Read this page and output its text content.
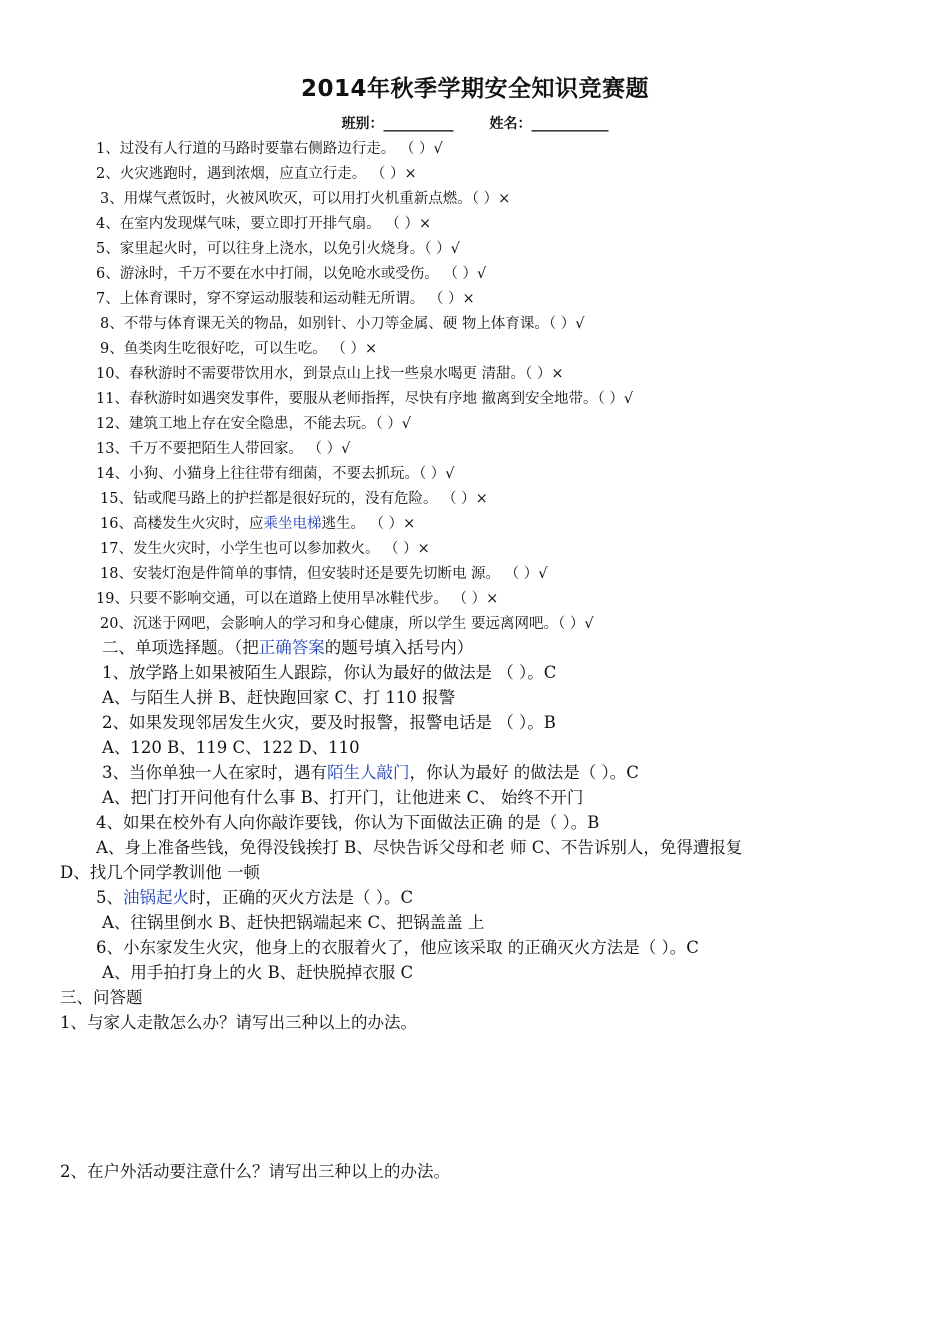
2014年秋季学期安全知识竞赛题
班别：__________	姓名：___________
1、过没有人行道的马路时要靠右侧路边行走。 （ ）√
2、火灾逃跑时，遇到浓烟，应直立行走。 （ ）×
3、用煤气煮饭时，火被风吹灭，可以用打火机重新点燃。（ ）×
4、在室内发现煤气味，要立即打开排气扇。 （ ）×
5、家里起火时，可以往身上浇水，以免引火烧身。（ ）√
6、游泳时，千万不要在水中打闹，以免呛水或受伤。 （ ）√
7、上体育课时，穿不穿运动服装和运动鞋无所谓。 （ ）×
8、不带与体育课无关的物品，如别针、小刀等金属、硬 物上体育课。（ ）√
9、鱼类肉生吃很好吃，可以生吃。 （ ）×
10、春秋游时不需要带饮用水，到景点山上找一些泉水喝更 清甜。（ ）×
11、春秋游时如遇突发事件，要服从老师指挥，尽快有序地 撤离到安全地带。（ ）√
12、建筑工地上存在安全隐患，不能去玩。（ ）√
13、千万不要把陌生人带回家。 （ ）√
14、小狗、小猫身上往往带有细菌，不要去抓玩。（ ）√
15、钻或爬马路上的护拦都是很好玩的，没有危险。 （ ）×
16、高楼发生火灾时，应乘坐电梯逃生。 （ ）×
17、发生火灾时，小学生也可以参加救火。 （ ）×
18、安装灯泡是件简单的事情，但安装时还是要先切断电 源。 （ ）√
19、只要不影响交通，可以在道路上使用旱冰鞋代步。 （ ）×
20、沉迷于网吧，会影响人的学习和身心健康，所以学生 要远离网吧。（ ）√
二、单项选择题。（把正确答案的题号填入括号内）
1、放学路上如果被陌生人跟踪，你认为最好的做法是 （ ）。C
A、与陌生人拼 B、赶快跑回家 C、打 110 报警
2、如果发现邻居发生火灾，要及时报警，报警电话是 （ ）。B
A、120 B、119 C、122 D、110
3、当你单独一人在家时，遇有陌生人敲门，你认为最好 的做法是（ ）。C
A、把门打开问他有什么事 B、打开门，让他进来 C、 始终不开门
4、如果在校外有人向你敲诈要钱，你认为下面做法正确 的是（ ）。B
A、身上准备些钱，免得没钱挨打 B、尽快告诉父母和老 师 C、不告诉别人，免得遭报复
D、找几个同学教训他 一顿
5、油锅起火时，正确的灭火方法是（ ）。C
A、往锅里倒水 B、赶快把锅端起来 C、把锅盖盖 上
6、小东家发生火灾，他身上的衣服着火了，他应该采取 的正确灭火方法是（ ）。C
A、用手拍打身上的火 B、赶快脱掉衣服 C
三、问答题
1、与家人走散怎么办？请写出三种以上的办法。
2、在户外活动要注意什么？请写出三种以上的办法。
